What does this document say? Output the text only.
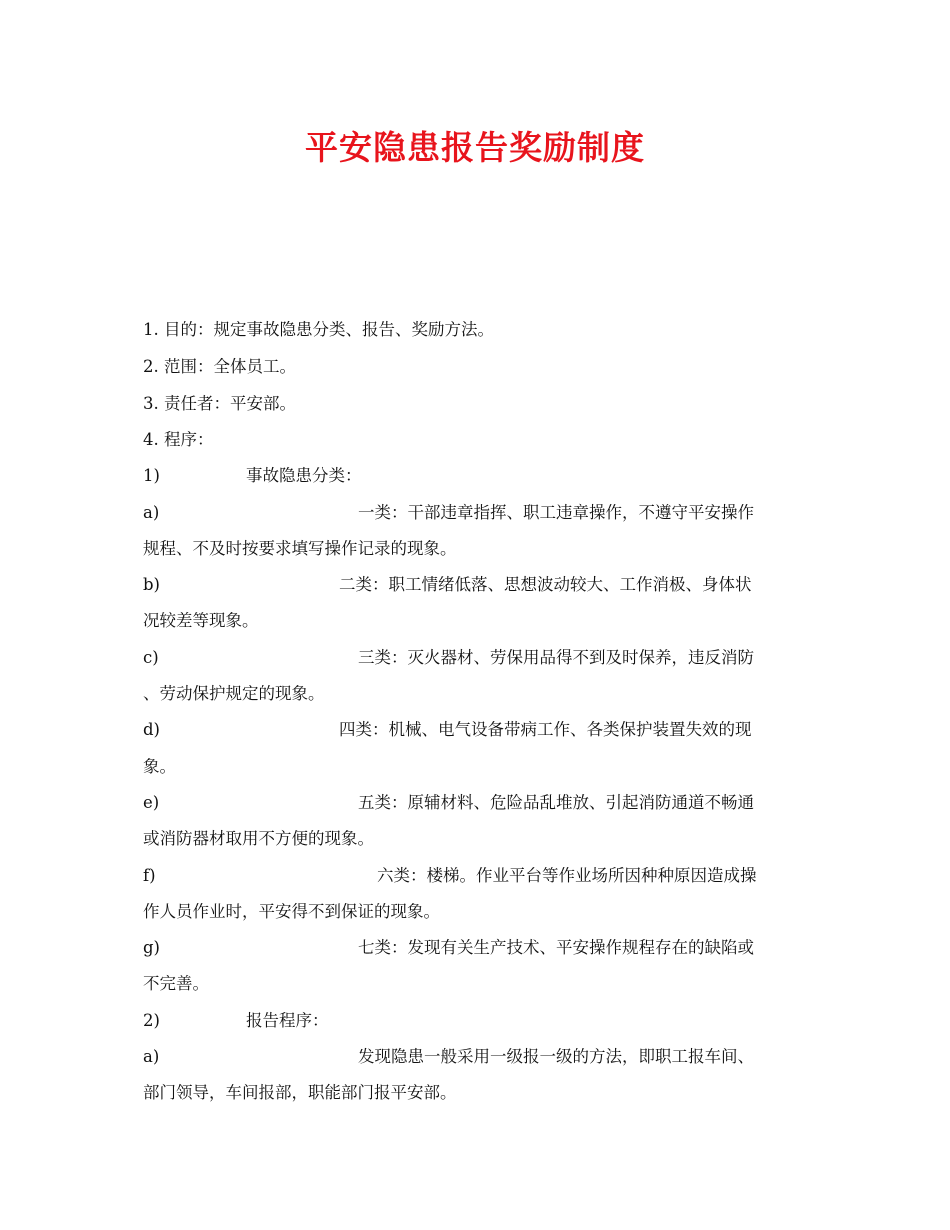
平安隐患报告奖励制度
1. 目的：规定事故隐患分类、报告、奖励方法。
2. 范围：全体员工。
3. 责任者：平安部。
4. 程序：
1)	事故隐患分类：
a)	一类：干部违章指挥、职工违章操作，不遵守平安操作
规程、不及时按要求填写操作记录的现象。
b)	二类：职工情绪低落、思想波动较大、工作消极、身体状
况较差等现象。
c)	三类：灭火器材、劳保用品得不到及时保养，违反消防
、劳动保护规定的现象。
d)	四类：机械、电气设备带病工作、各类保护装置失效的现
象。
e)	五类：原辅材料、危险品乱堆放、引起消防通道不畅通
或消防器材取用不方便的现象。
f)	六类：楼梯。作业平台等作业场所因种种原因造成操
作人员作业时，平安得不到保证的现象。
g)	七类：发现有关生产技术、平安操作规程存在的缺陷或
不完善。
2)	报告程序：
a)	发现隐患一般采用一级报一级的方法，即职工报车间、
部门领导，车间报部，职能部门报平安部。
